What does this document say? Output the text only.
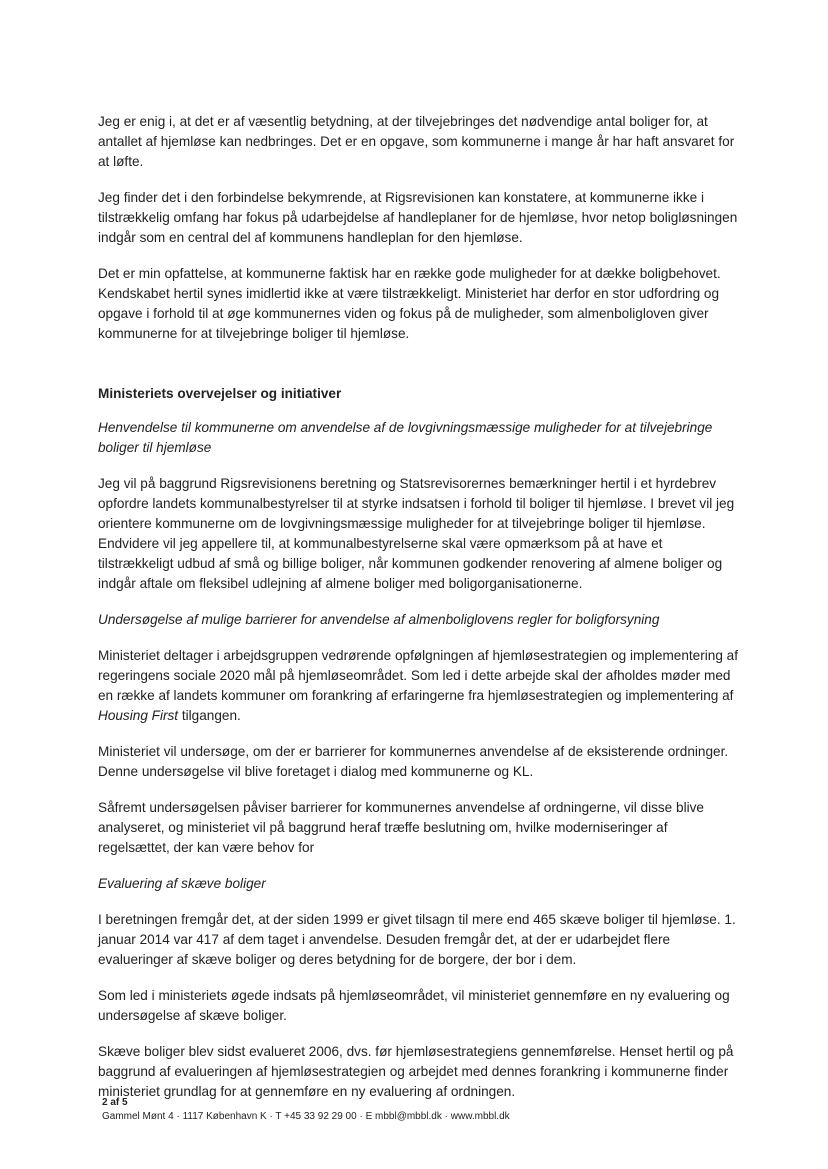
Jeg er enig i, at det er af væsentlig betydning, at der tilvejebringes det nødvendige antal boliger for, at antallet af hjemløse kan nedbringes. Det er en opgave, som kommunerne i mange år har haft ansvaret for at løfte.

Jeg finder det i den forbindelse bekymrende, at Rigsrevisionen kan konstatere, at kommunerne ikke i tilstrækkelig omfang har fokus på udarbejdelse af handleplaner for de hjemløse, hvor netop boligløsningen indgår som en central del af kommunens handleplan for den hjemløse.

Det er min opfattelse, at kommunerne faktisk har en række gode muligheder for at dække boligbehovet. Kendskabet hertil synes imidlertid ikke at være tilstrækkeligt. Ministeriet har derfor en stor udfordring og opgave i forhold til at øge kommunernes viden og fokus på de muligheder, som almenboligloven giver kommunerne for at tilvejebringe boliger til hjemløse.

Ministeriets overvejelser og initiativer

Henvendelse til kommunerne om anvendelse af de lovgivningsmæssige muligheder for at tilvejebringe boliger til hjemløse

Jeg vil på baggrund Rigsrevisionens beretning og Statsrevisorernes bemærkninger hertil i et hyrdebrev opfordre landets kommunalbestyrelser til at styrke indsatsen i forhold til boliger til hjemløse. I brevet vil jeg orientere kommunerne om de lovgivningsmæssige muligheder for at tilvejebringe boliger til hjemløse. Endvidere vil jeg appellere til, at kommunalbestyrelserne skal være opmærksom på at have et tilstrækkeligt udbud af små og billige boliger, når kommunen godkender renovering af almene boliger og indgår aftale om fleksibel udlejning af almene boliger med boligorganisationerne.

Undersøgelse af mulige barrierer for anvendelse af almenboliglovens regler for boligforsyning

Ministeriet deltager i arbejdsgruppen vedrørende opfølgningen af hjemløsestrategien og implementering af regeringens sociale 2020 mål på hjemløseområdet. Som led i dette arbejde skal der afholdes møder med en række af landets kommuner om forankring af erfaringerne fra hjemløsestrategien og implementering af Housing First tilgangen.

Ministeriet vil undersøge, om der er barrierer for kommunernes anvendelse af de eksisterende ordninger. Denne undersøgelse vil blive foretaget i dialog med kommunerne og KL.

Såfremt undersøgelsen påviser barrierer for kommunernes anvendelse af ordningerne, vil disse blive analyseret, og ministeriet vil på baggrund heraf træffe beslutning om, hvilke moderniseringer af regelsættet, der kan være behov for

Evaluering af skæve boliger

I beretningen fremgår det, at der siden 1999 er givet tilsagn til mere end 465 skæve boliger til hjemløse. 1. januar 2014 var 417 af dem taget i anvendelse. Desuden fremgår det, at der er udarbejdet flere evalueringer af skæve boliger og deres betydning for de borgere, der bor i dem.

Som led i ministeriets øgede indsats på hjemløseområdet, vil ministeriet gennemføre en ny evaluering og undersøgelse af skæve boliger.

Skæve boliger blev sidst evalueret 2006, dvs. før hjemløsestrategiens gennemførelse. Henset hertil og på baggrund af evalueringen af hjemløsestrategien og arbejdet med dennes forankring i kommunerne finder ministeriet grundlag for at gennemføre en ny evaluering af ordningen.

2 af 5
Gammel Mønt 4 · 1117 København K · T +45 33 92 29 00 · E mbbl@mbbl.dk · www.mbbl.dk
